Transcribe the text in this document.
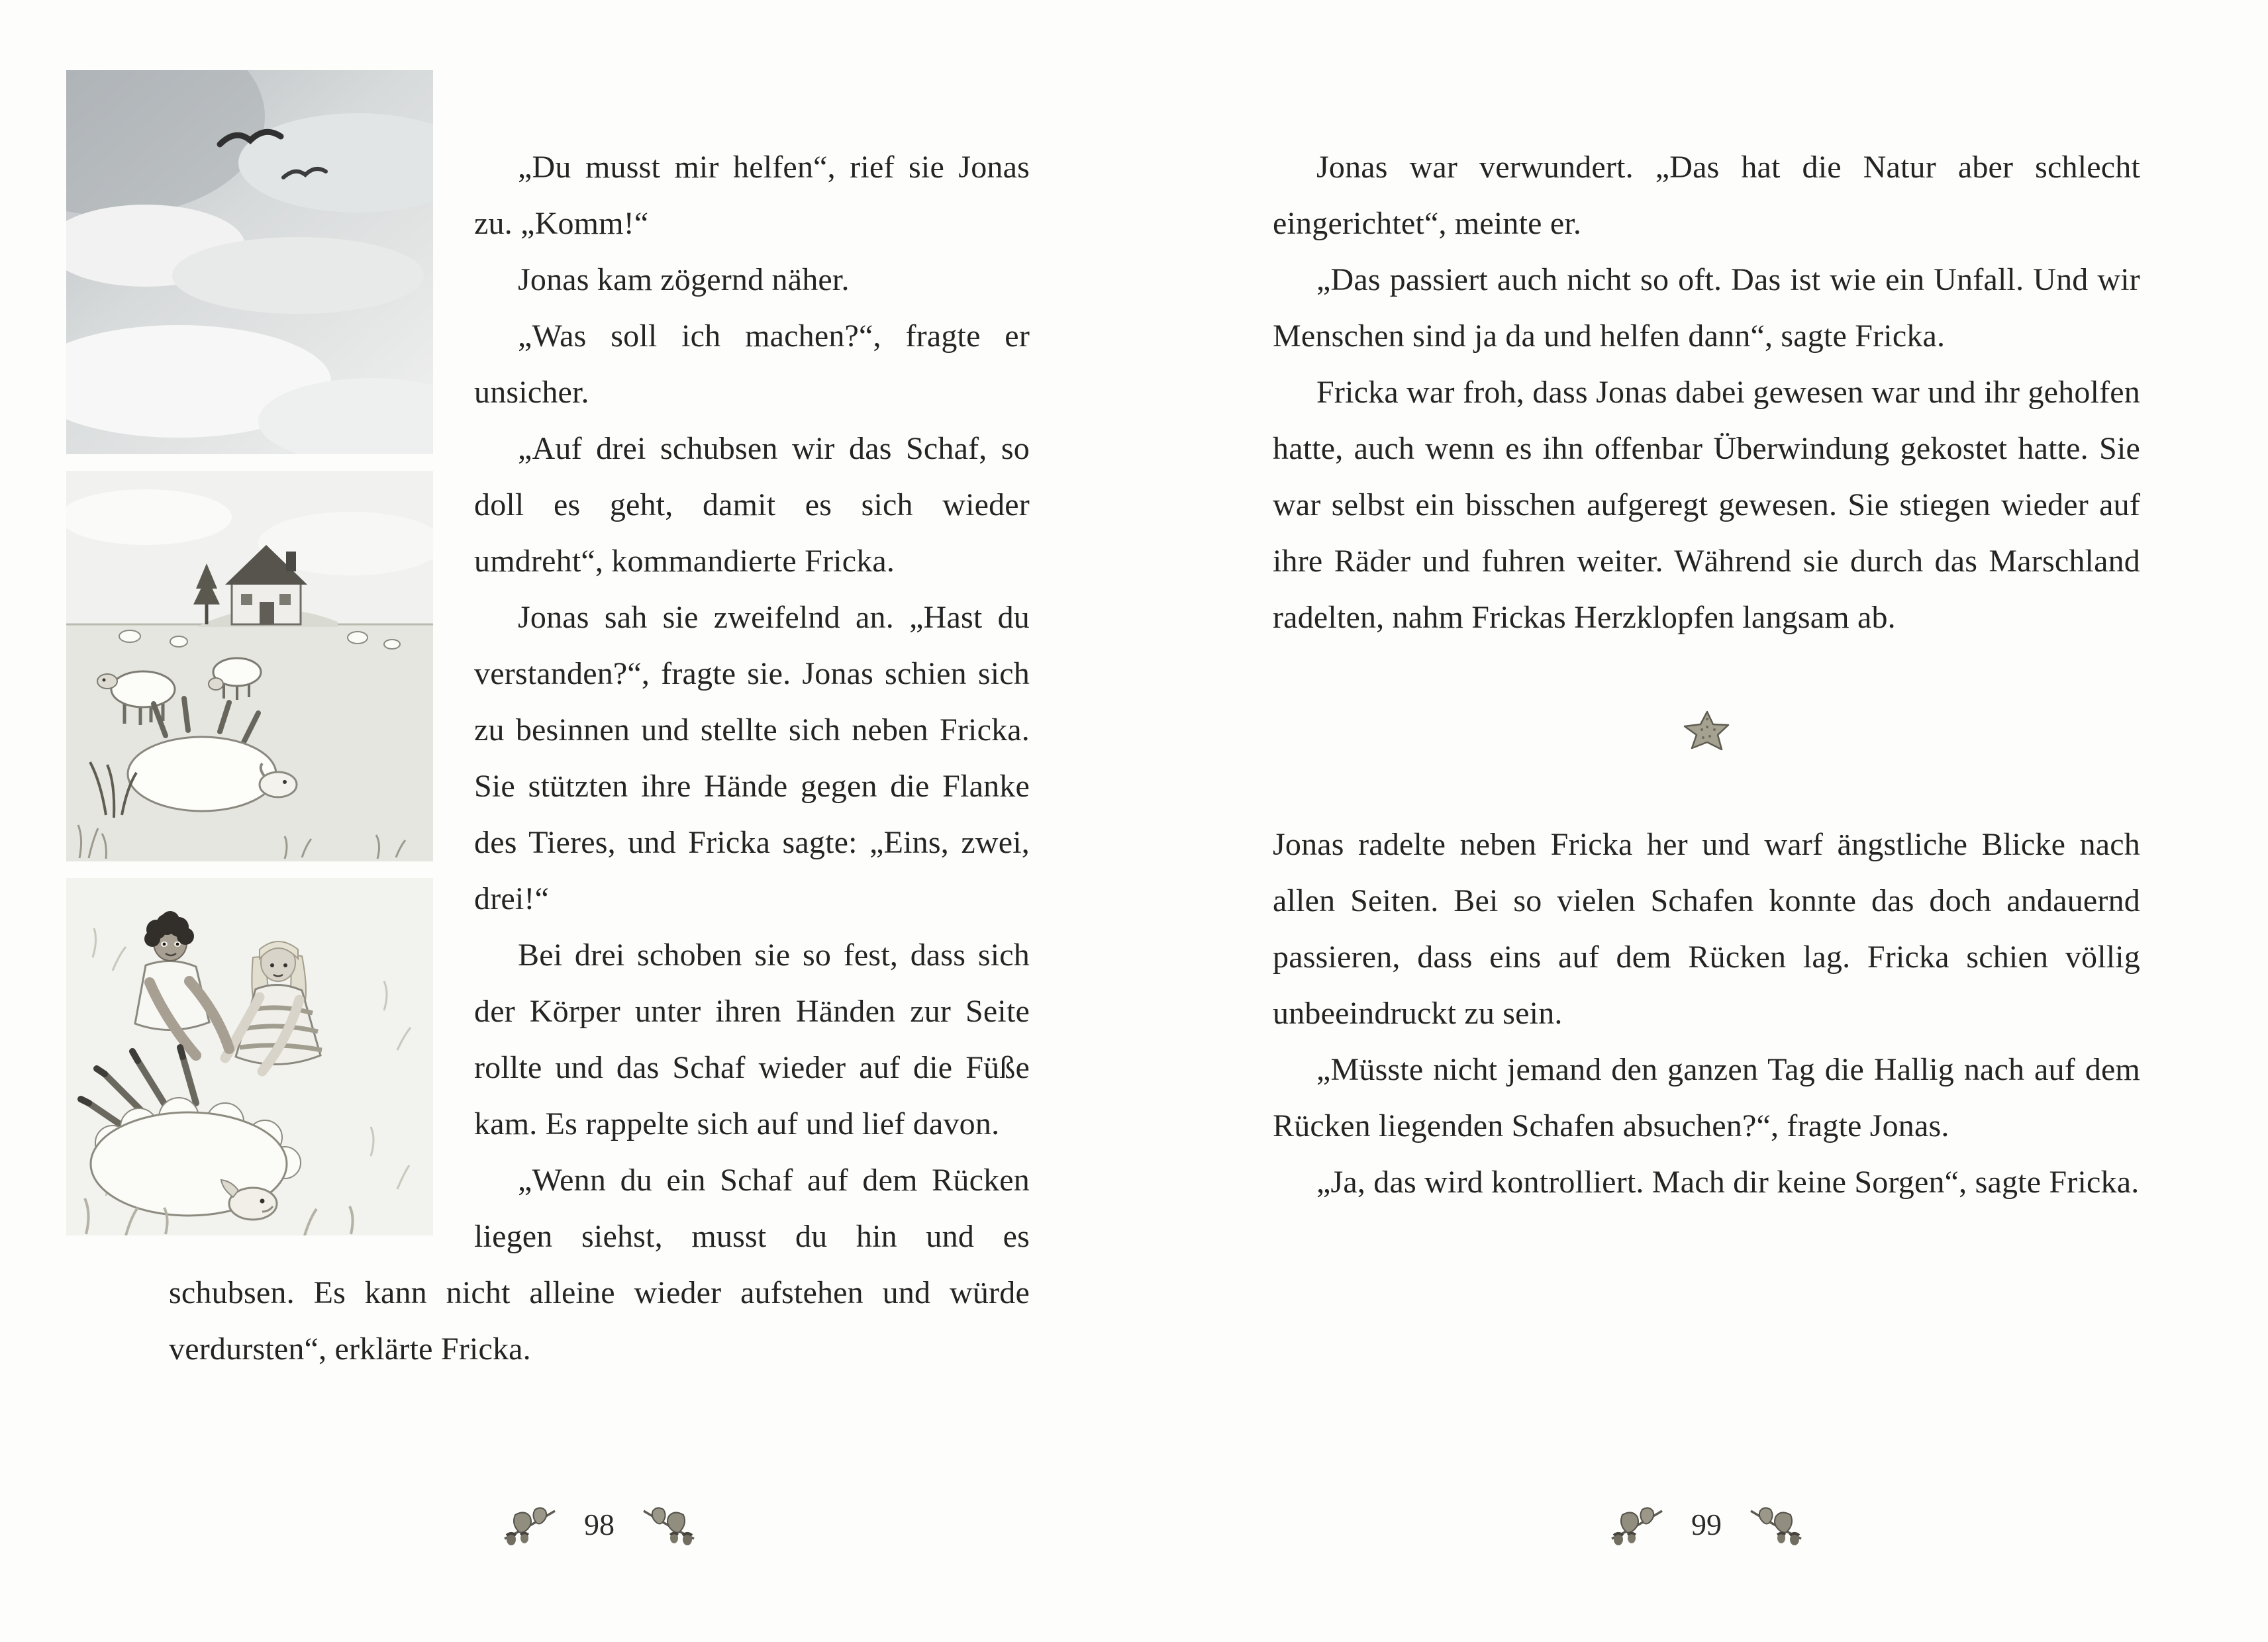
„Du musst mir helfen“, rief sie Jonas zu. „Komm!“

Jonas kam zögernd näher.

„Was soll ich machen?“, fragte er unsicher.

„Auf drei schubsen wir das Schaf, so doll es geht, damit es sich wieder umdreht“, kommandierte Fricka.

Jonas sah sie zweifelnd an. „Hast du verstanden?“, fragte sie. Jonas schien sich zu besinnen und stellte sich neben Fricka. Sie stützten ihre Hände gegen die Flanke des Tieres, und Fricka sagte: „Eins, zwei, drei!“

Bei drei schoben sie so fest, dass sich der Körper unter ihren Händen zur Seite rollte und das Schaf wieder auf die Füße kam. Es rappelte sich auf und lief davon.

„Wenn du ein Schaf auf dem Rücken liegen siehst, musst du hin und es schubsen. Es kann nicht alleine wieder aufstehen und würde verdursten“, erklärte Fricka.

98

Jonas war verwundert. „Das hat die Natur aber schlecht eingerichtet“, meinte er.

„Das passiert auch nicht so oft. Das ist wie ein Unfall. Und wir Menschen sind ja da und helfen dann“, sagte Fricka.

Fricka war froh, dass Jonas dabei gewesen war und ihr geholfen hatte, auch wenn es ihn offenbar Überwindung gekostet hatte. Sie war selbst ein bisschen aufgeregt gewesen. Sie stiegen wieder auf ihre Räder und fuhren weiter. Während sie durch das Marschland radelten, nahm Frickas Herzklopfen langsam ab.

Jonas radelte neben Fricka her und warf ängstliche Blicke nach allen Seiten. Bei so vielen Schafen konnte das doch andauernd passieren, dass eins auf dem Rücken lag. Fricka schien völlig unbeeindruckt zu sein.

„Müsste nicht jemand den ganzen Tag die Hallig nach auf dem Rücken liegenden Schafen absuchen?“, fragte Jonas.

„Ja, das wird kontrolliert. Mach dir keine Sorgen“, sagte Fricka.

99
